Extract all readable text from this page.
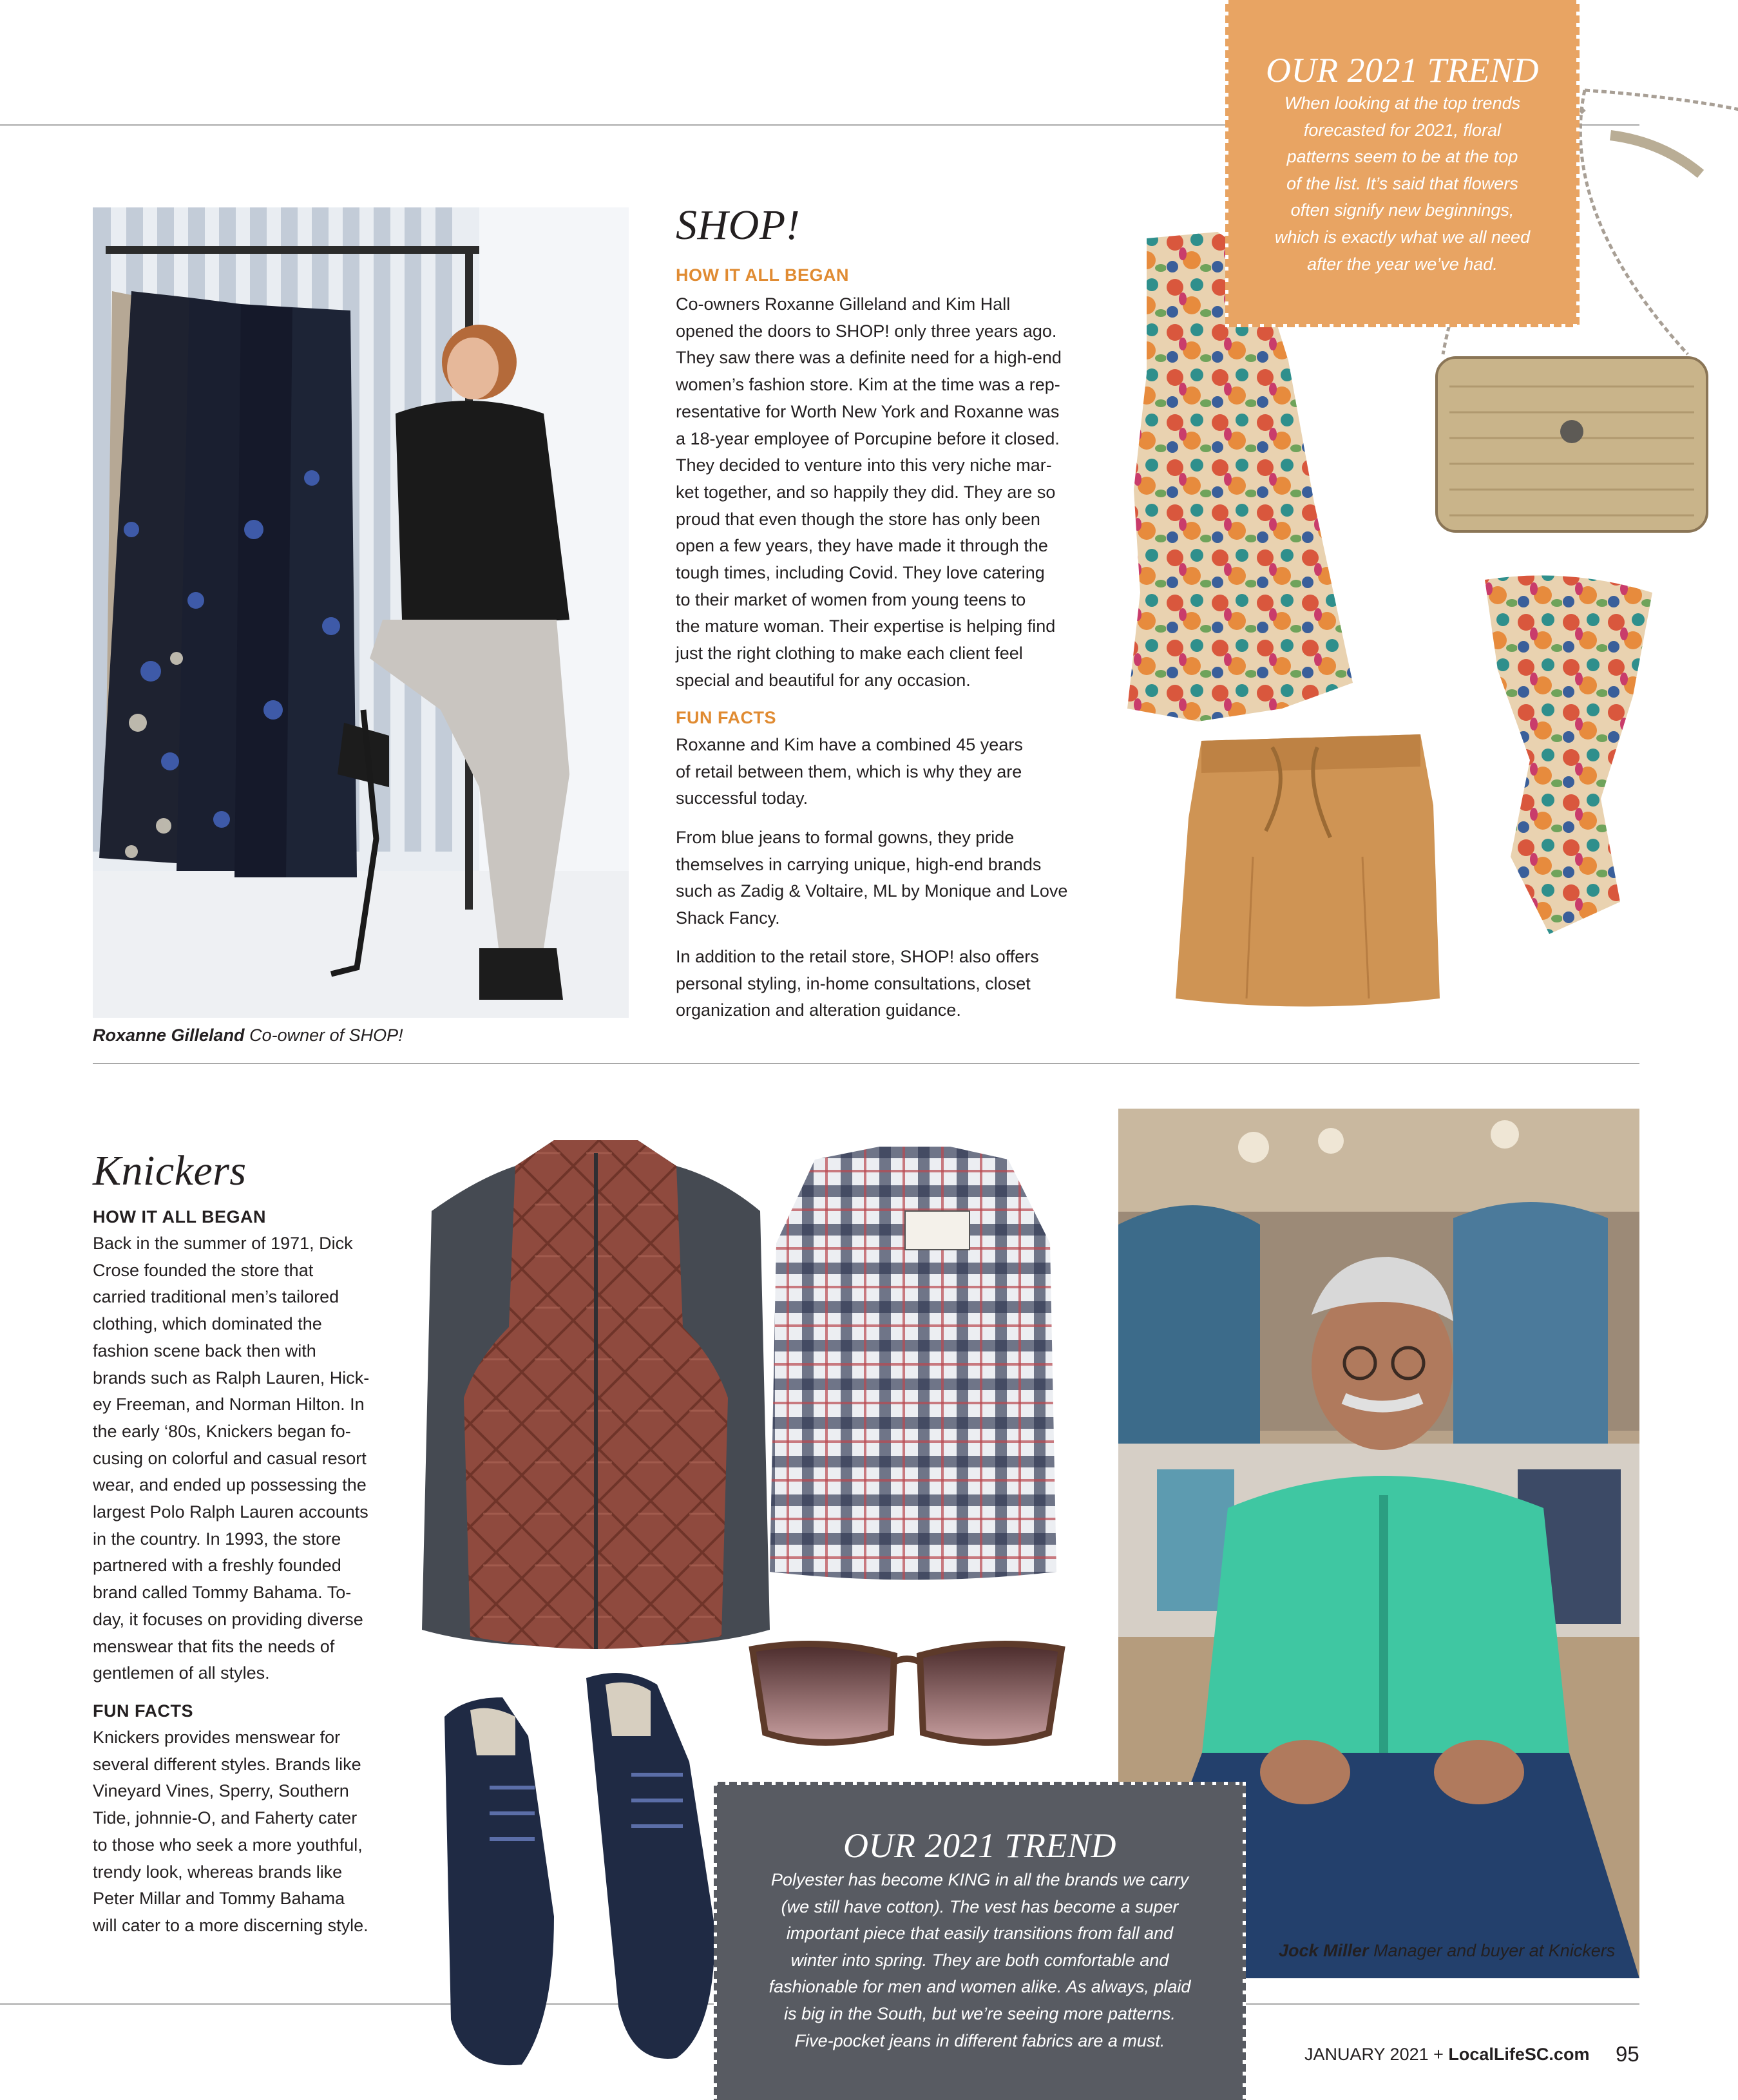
Roxanne Gilleland Co-owner of SHOP!

SHOP!
HOW IT ALL BEGAN
Co-owners Roxanne Gilleland and Kim Hall
opened the doors to SHOP! only three years ago.
They saw there was a definite need for a high-end
women’s fashion store. Kim at the time was a rep-
resentative for Worth New York and Roxanne was
a 18-year employee of Porcupine before it closed.
They decided to venture into this very niche mar-
ket together, and so happily they did. They are so
proud that even though the store has only been
open a few years, they have made it through the
tough times, including Covid. They love catering
to their market of women from young teens to
the mature woman. Their expertise is helping find
just the right clothing to make each client feel
special and beautiful for any occasion.
FUN FACTS
Roxanne and Kim have a combined 45 years
of retail between them, which is why they are
successful today.
From blue jeans to formal gowns, they pride
themselves in carrying unique, high-end brands
such as Zadig & Voltaire, ML by Monique and Love
Shack Fancy.
In addition to the retail store, SHOP! also offers
personal styling, in-home consultations, closet
organization and alteration guidance.
OUR 2021 TREND
When looking at the top trends
forecasted for 2021, floral
patterns seem to be at the top
of the list. It’s said that flowers
often signify new beginnings,
which is exactly what we all need
after the year we’ve had.
Knickers
HOW IT ALL BEGAN
Back in the summer of 1971, Dick
Crose founded the store that
carried traditional men’s tailored
clothing, which dominated the
fashion scene back then with
brands such as Ralph Lauren, Hick-
ey Freeman, and Norman Hilton. In
the early ‘80s, Knickers began fo-
cusing on colorful and casual resort
wear, and ended up possessing the
largest Polo Ralph Lauren accounts
in the country. In 1993, the store
partnered with a freshly founded
brand called Tommy Bahama. To-
day, it focuses on providing diverse
menswear that fits the needs of
gentlemen of all styles.
FUN FACTS
Knickers provides menswear for
several different styles. Brands like
Vineyard Vines, Sperry, Southern
Tide, johnnie-O, and Faherty cater
to those who seek a more youthful,
trendy look, whereas brands like
Peter Millar and Tommy Bahama
will cater to a more discerning style.

Jock Miller Manager and buyer at Knickers

OUR 2021 TREND
Polyester has become KING in all the brands we carry
(we still have cotton). The vest has become a super
important piece that easily transitions from fall and
winter into spring. They are both comfortable and
fashionable for men and women alike. As always, plaid
is big in the South, but we’re seeing more patterns.
Five-pocket jeans in different fabrics are a must.

JANUARY 2021 + LocalLifeSC.com 95
